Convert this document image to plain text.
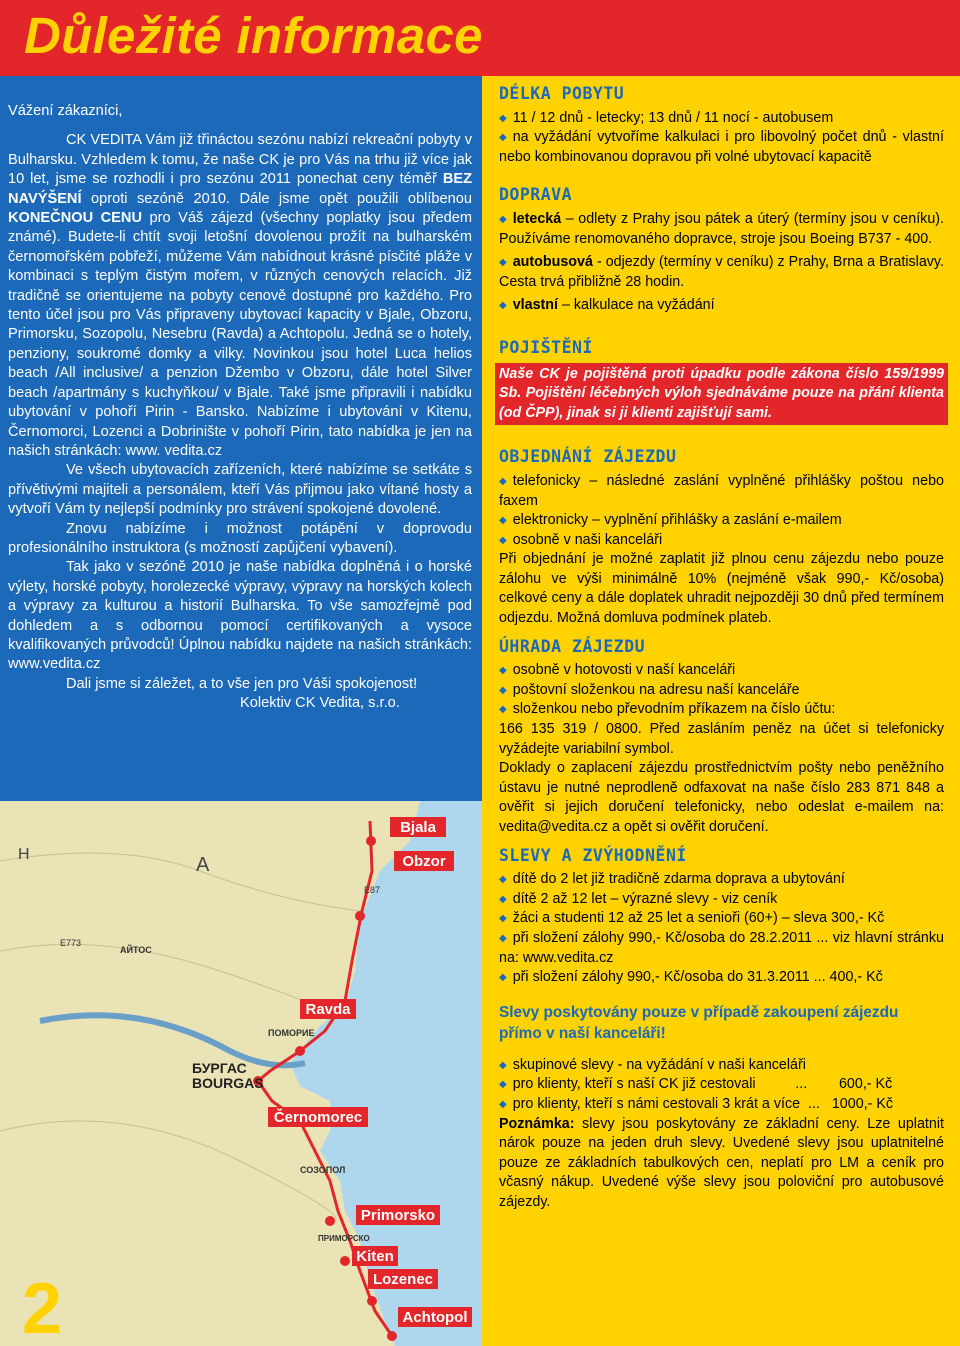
Důležité informace

Vážení zákazníci,

CK VEDITA Vám již třináctou sezónu nabízí rekreační pobyty v Bulharsku. Vzhledem k tomu, že naše CK je pro Vás na trhu již více jak 10 let, jsme se rozhodli i pro sezónu 2011 ponechat ceny téměř BEZ NAVÝŠENÍ oproti sezóně 2010. Dále jsme opět použili oblíbenou KONEČNOU CENU pro Váš zájezd (všechny poplatky jsou předem známé). Budete-li chtít svoji letošní dovolenou prožít na bulharském černomořském pobřeží, můžeme Vám nabídnout krásné písčité pláže v kombinaci s teplým čistým mořem, v různých cenových relacích. Již tradičně se orientujeme na pobyty cenově dostupné pro každého. Pro tento účel jsou pro Vás připraveny ubytovací kapacity v Bjale, Obzoru, Primorsku, Sozopolu, Nesebru (Ravda) a Achtopolu. Jedná se o hotely, penziony, soukromé domky a vilky. Novinkou jsou hotel Luca helios beach /All inclusive/ a penzion Džembo v Obzoru, dále hotel Silver beach /apartmány s kuchyňkou/ v Bjale. Také jsme připravili i nabídku ubytování v pohoří Pirin - Bansko. Nabízíme i ubytování v Kitenu, Černomorci, Lozenci a Dobrinište v pohoří Pirin, tato nabídka je jen na našich stránkách: www. vedita.cz

Ve všech ubytovacích zařízeních, které nabízíme se setkáte s přívětivými majiteli a personálem, kteří Vás přijmou jako vítané hosty a vytvoří Vám ty nejlepší podmínky pro strávení spokojené dovolené.

Znovu nabízíme i možnost potápění v doprovodu profesionálního instruktora (s možností zapůjčení vybavení).

Tak jako v sezóně 2010 je naše nabídka doplněná i o horské výlety, horské pobyty, horolezecké výpravy, výpravy na horských kolech a výpravy za kulturou a historií Bulharska. To vše samozřejmě pod dohledem a s odbornou pomocí certifikovaných a vysoce kvalifikovaných průvodců! Úplnou nabídku najdete na našich stránkách: www.vedita.cz

Dali jsme si záležet, a to vše jen pro Váši spokojenost!

Kolektiv CK Vedita, s.r.o.

Bjala
Obzor
Ravda
БУРГАС
BOURGAS
Černomorec
Primorsko
Kiten
Lozenec
Achtopol
A
H
E87
E773
ПОМОРИЕ
СОЗОПОЛ
ПРИМОРСКО
АЙТОС
2
DÉLKA POBYTU

◆ 11 / 12 dnů - letecky; 13 dnů / 11 nocí - autobusem

◆ na vyžádání vytvoříme kalkulaci i pro libovolný počet dnů - vlastní nebo kombinovanou dopravou při volné ubytovací kapacitě

DOPRAVA

◆ letecká – odlety z Prahy jsou pátek a úterý (termíny jsou v ceníku). Používáme renomovaného dopravce, stroje jsou Boeing B737 - 400.

◆ autobusová - odjezdy (termíny v ceníku) z Prahy, Brna a Bratislavy. Cesta trvá přibližně 28 hodin.

◆ vlastní – kalkulace na vyžádání

POJIŠTĚNÍ
Naše CK je pojištěná proti úpadku podle zákona číslo 159/1999 Sb. Pojištění léčebných výloh sjednáváme pouze na přání klienta (od ČPP), jinak si ji klienti zajišťují sami.
OBJEDNÁNÍ ZÁJEZDU

◆ telefonicky – následné zaslání vyplněné přihlášky poštou nebo faxem

◆ elektronicky – vyplnění přihlášky a zaslání e-mailem

◆ osobně v naši kanceláři

Při objednání je možné zaplatit již plnou cenu zájezdu nebo pouze zálohu ve výši minimálně 10% (nejméně však 990,- Kč/osoba) celkové ceny a dále doplatek uhradit nejpozději 30 dnů před termínem odjezdu. Možná domluva podmínek plateb.

ÚHRADA ZÁJEZDU

◆ osobně v hotovosti v naší kanceláři

◆ poštovní složenkou na adresu naší kanceláře

◆ složenkou nebo převodním příkazem na číslo účtu:

166 135 319 / 0800. Před zasláním peněz na účet si telefonicky vyžádejte variabilní symbol.

Doklady o zaplacení zájezdu prostřednictvím pošty nebo peněžního ústavu je nutné neprodleně odfaxovat na naše číslo 283 871 848 a ověřit si jejich doručení telefonicky, nebo odeslat e-mailem na: vedita@vedita.cz a opět si ověřit doručení.

SLEVY A ZVÝHODNĚNÍ

◆ dítě do 2 let již tradičně zdarma doprava a ubytování

◆ dítě 2 až 12 let – výrazné slevy - viz ceník

◆ žáci a studenti 12 až 25 let a senioři (60+) – sleva 300,- Kč

◆ při složení zálohy 990,- Kč/osoba do 28.2.2011 ... viz hlavní stránku na: www.vedita.cz

◆ při složení zálohy 990,- Kč/osoba do 31.3.2011 ... 400,- Kč

Slevy poskytovány pouze v případě zakoupení zájezdu přímo v naší kanceláři!

◆ skupinové slevy - na vyžádání v naši kanceláři

◆ pro klienty, kteří s naší CK již cestovali          ...        600,- Kč

◆ pro klienty, kteří s námi cestovali 3 krát a více  ...   1000,- Kč

Poznámka: slevy jsou poskytovány ze základní ceny. Lze uplatnit nárok pouze na jeden druh slevy. Uvedené slevy jsou uplatnitelné pouze ze základních tabulkových cen, neplatí pro LM a ceník pro včasný nákup. Uvedené výše slevy jsou poloviční pro autobusové zájezdy.
